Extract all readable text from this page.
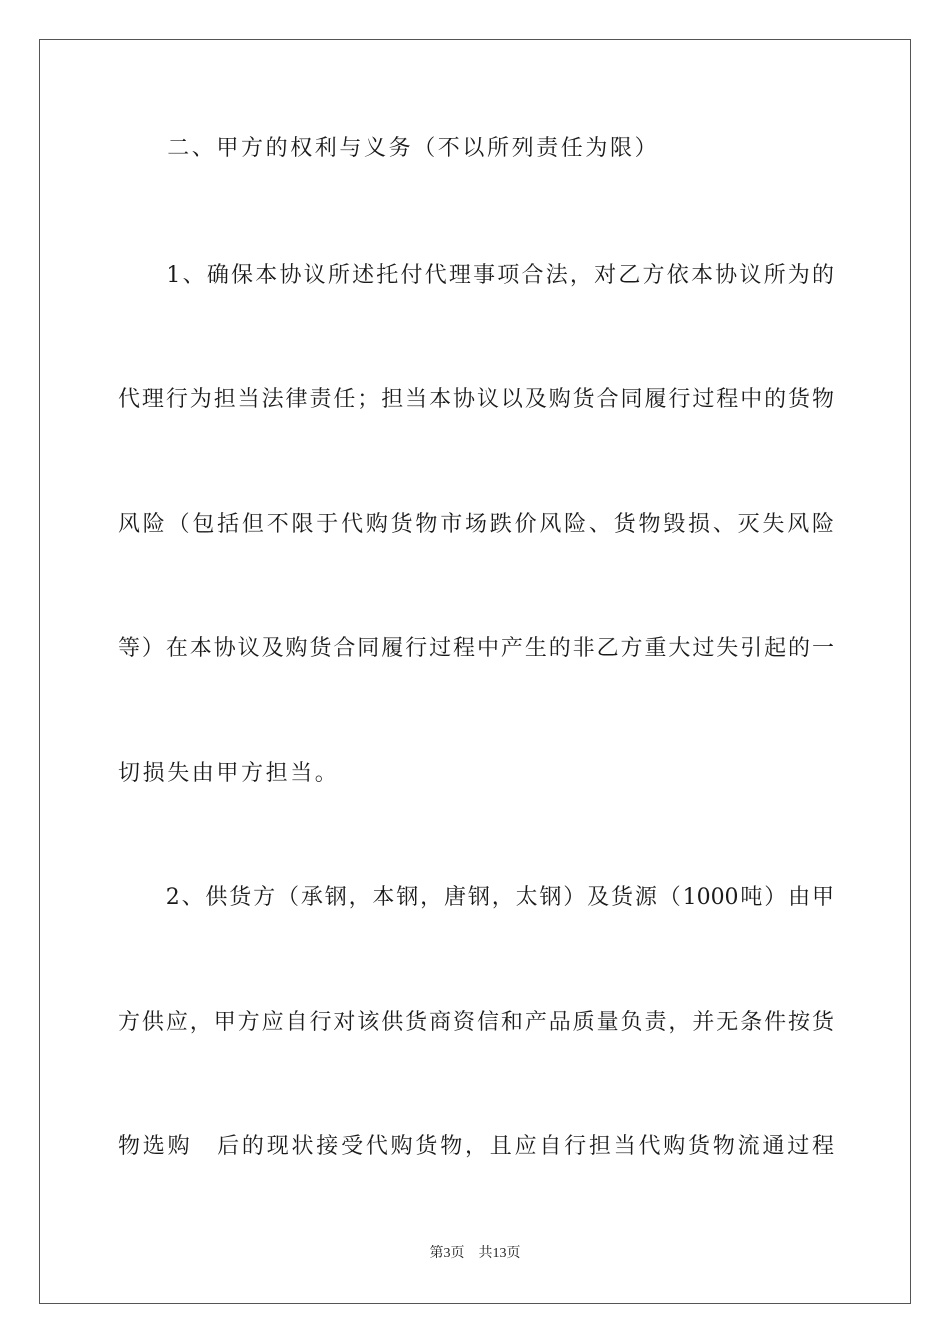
　　二、甲方的权利与义务（不以所列责任为限）
　　1、确保本协议所述托付代理事项合法，对乙方依本协议所为的
代理行为担当法律责任；担当本协议以及购货合同履行过程中的货物
风险（包括但不限于代购货物市场跌价风险、货物毁损、灭失风险
等）在本协议及购货合同履行过程中产生的非乙方重大过失引起的一
切损失由甲方担当。
　　2、供货方（承钢，本钢，唐钢，太钢）及货源（1000吨）由甲
方供应，甲方应自行对该供货商资信和产品质量负责，并无条件按货
物选购　后的现状接受代购货物，且应自行担当代购货物流通过程
第3页　共13页
